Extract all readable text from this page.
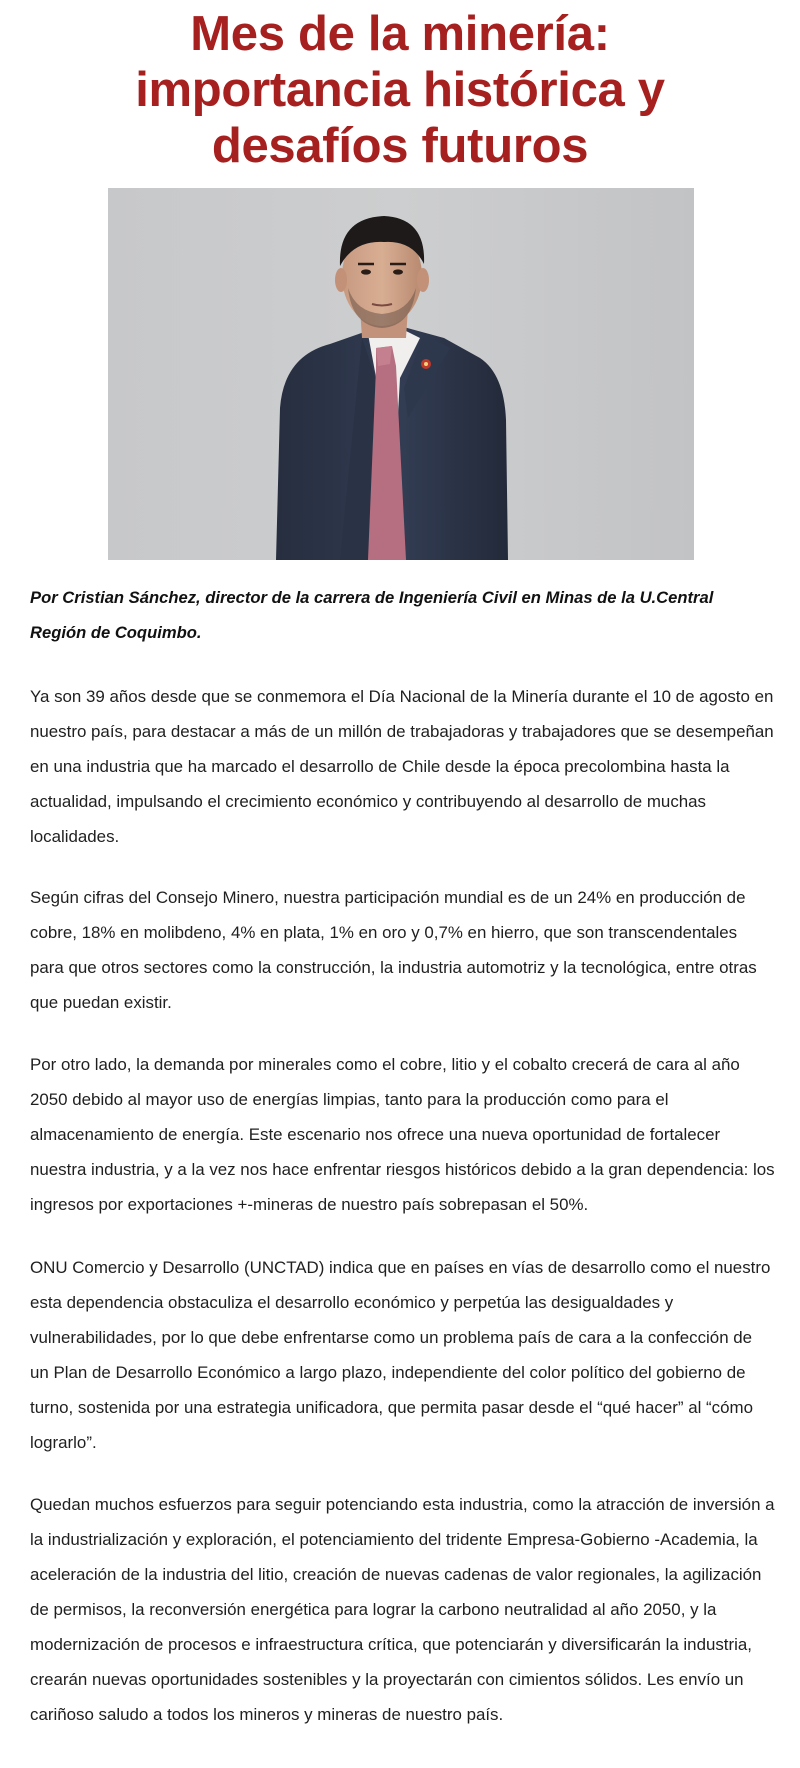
Mes de la minería: importancia histórica y desafíos futuros

Por Cristian Sánchez, director de la carrera de Ingeniería Civil en Minas de la U.Central Región de Coquimbo.

Ya son 39 años desde que se conmemora el Día Nacional de la Minería durante el 10 de agosto en nuestro país, para destacar a más de un millón de trabajadoras y trabajadores que se desempeñan en una industria que ha marcado el desarrollo de Chile desde la época precolombina hasta la actualidad, impulsando el crecimiento económico y contribuyendo al desarrollo de muchas localidades.

Según cifras del Consejo Minero, nuestra participación mundial es de un 24% en producción de cobre, 18% en molibdeno, 4% en plata, 1% en oro y 0,7% en hierro, que son transcendentales para que otros sectores como la construcción, la industria automotriz y la tecnológica, entre otras que puedan existir.

Por otro lado, la demanda por minerales como el cobre, litio y el cobalto crecerá de cara al año 2050 debido al mayor uso de energías limpias, tanto para la producción como para el almacenamiento de energía. Este escenario nos ofrece una nueva oportunidad de fortalecer nuestra industria, y a la vez nos hace enfrentar riesgos históricos debido a la gran dependencia: los ingresos por exportaciones +-mineras de nuestro país sobrepasan el 50%.

ONU Comercio y Desarrollo (UNCTAD) indica que en países en vías de desarrollo como el nuestro esta dependencia obstaculiza el desarrollo económico y perpetúa las desigualdades y vulnerabilidades, por lo que debe enfrentarse como un problema país de cara a la confección de un Plan de Desarrollo Económico a largo plazo, independiente del color político del gobierno de turno, sostenida por una estrategia unificadora, que permita pasar desde el “qué hacer” al “cómo lograrlo”.

Quedan muchos esfuerzos para seguir potenciando esta industria, como la atracción de inversión a la industrialización y exploración, el potenciamiento del tridente Empresa-Gobierno -Academia, la aceleración de la industria del litio, creación de nuevas cadenas de valor regionales, la agilización de permisos, la reconversión energética para lograr la carbono neutralidad al año 2050, y la modernización de procesos e infraestructura crítica, que potenciarán y diversificarán la industria, crearán nuevas oportunidades sostenibles y la proyectarán con cimientos sólidos. Les envío un cariñoso saludo a todos los mineros y mineras de nuestro país.
